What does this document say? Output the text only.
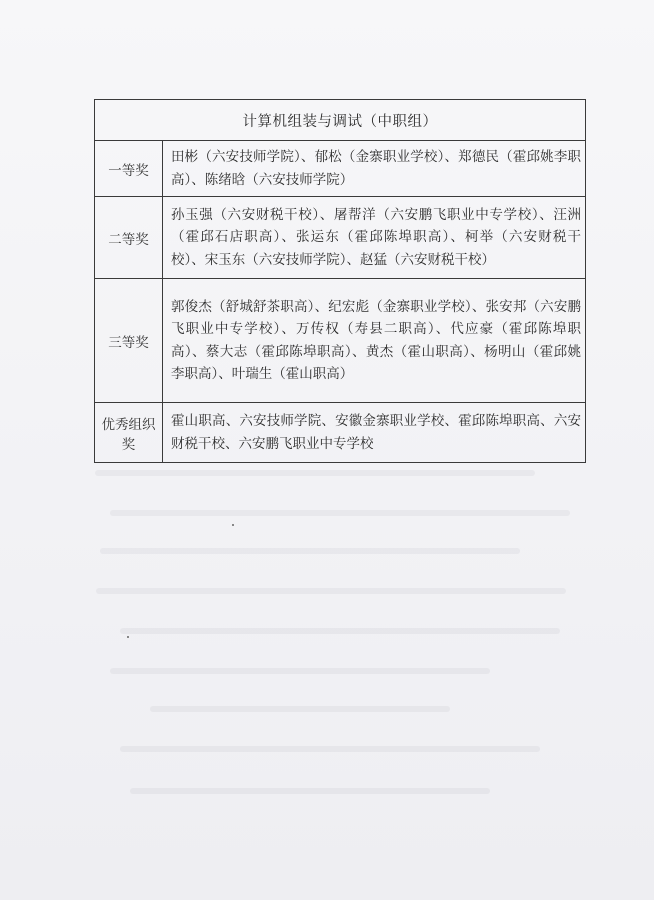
计算机组装与调试（中职组）	
一等奖	田彬（六安技师学院）、郁松（金寨职业学校）、郑德民（霍邱姚李职高）、陈绪晗（六安技师学院）
二等奖	孙玉强（六安财税干校）、屠帮洋（六安鹏飞职业中专学校）、汪洲（霍邱石店职高）、张运东（霍邱陈埠职高）、柯举（六安财税干校）、宋玉东（六安技师学院）、赵猛（六安财税干校）
三等奖	郭俊杰（舒城舒茶职高）、纪宏彪（金寨职业学校）、张安邦（六安鹏飞职业中专学校）、万传权（寿县二职高）、代应豪（霍邱陈埠职高）、蔡大志（霍邱陈埠职高）、黄杰（霍山职高）、杨明山（霍邱姚李职高）、叶瑞生（霍山职高）
优秀组织奖	霍山职高、六安技师学院、安徽金寨职业学校、霍邱陈埠职高、六安财税干校、六安鹏飞职业中专学校
